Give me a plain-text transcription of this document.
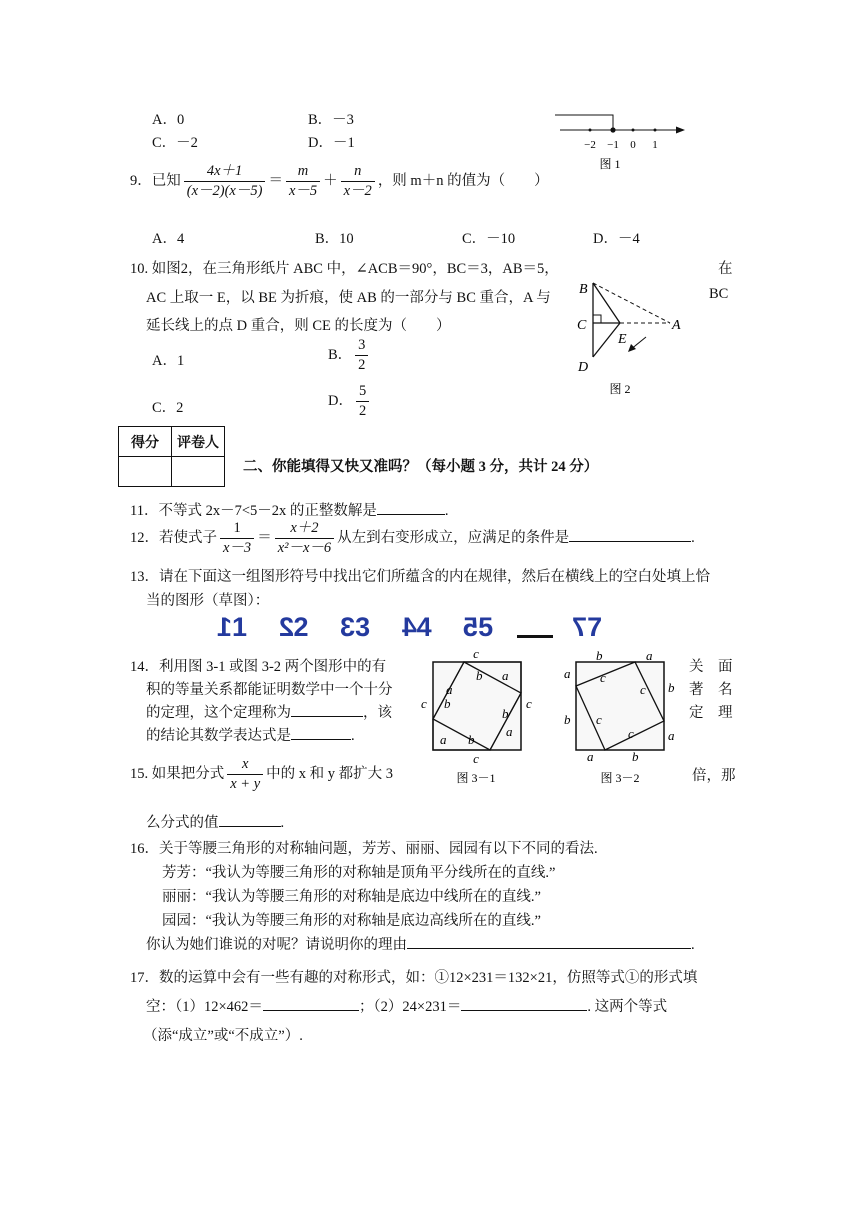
A．0	B．－3
C．－2	D．－1	−2 −1 0 1
图 1
9．已知 $\frac{4x+1}{(x-2)(x-5)} = \frac{m}{x-5} + \frac{n}{x-2}$ ，则 m＋n 的值为（　　）
A．4	B．10	C．－10	D．－4
10. 如图2，在三角形纸片 ABC 中，∠ACB＝90°，BC＝3，AB＝5，	在
AC 上取一 E，以 BE 为折痕，使 AB 的一部分与 BC 重合，A 与	BC
延长线上的点 D 重合，则 CE 的长度为（　　）
A．1	B． $\frac{3}{2}$
C．2	D． $\frac{5}{2}$
B
C	A
E
D
图 2
得分	评卷人

二、你能填得又快又准吗？（每小题 3 分，共计 24 分）
11．不等式 2x－7<5－2x 的正整数解是	.
12．若使式子 $\frac{1}{x-3} = \frac{x+2}{\text{x²－x－6}}$ 从左到右变形成立，应满足的条件是	.
13．请在下面这一组图形符号中找出它们所蕴含的内在规律，然后在横线上的空白处填上恰
当的图形（草图）：
11 22 33 44 55	77
14．利用图 3-1 或图 3-2 两个图形中的有	关　面
积的等量关系都能证明数学中一个十分	著　名
的定理，这个定理称为	，该	定　理
的结论其数学表达式是	.
c
c
c	c
b a
b
a
b
a b
a
图 3－1
b	a
a
b
b
a
a	b
c
c
c
c
图 3－2
15. 如果把分式 $\frac{x}{x + y}$ 中的 x 和 y 都扩大 3	倍，那
么分式的值	.
16．关于等腰三角形的对称轴问题，芳芳、丽丽、园园有以下不同的看法.
芳芳：“我认为等腰三角形的对称轴是顶角平分线所在的直线.”
丽丽：“我认为等腰三角形的对称轴是底边中线所在的直线.”
园园：“我认为等腰三角形的对称轴是底边高线所在的直线.”
你认为她们谁说的对呢？请说明你的理由	.
17．数的运算中会有一些有趣的对称形式，如：①12×231＝132×21，仿照等式①的形式填
空：（1）12×462＝	；（2）24×231＝	. 这两个等式
（添“成立”或“不成立”）.
